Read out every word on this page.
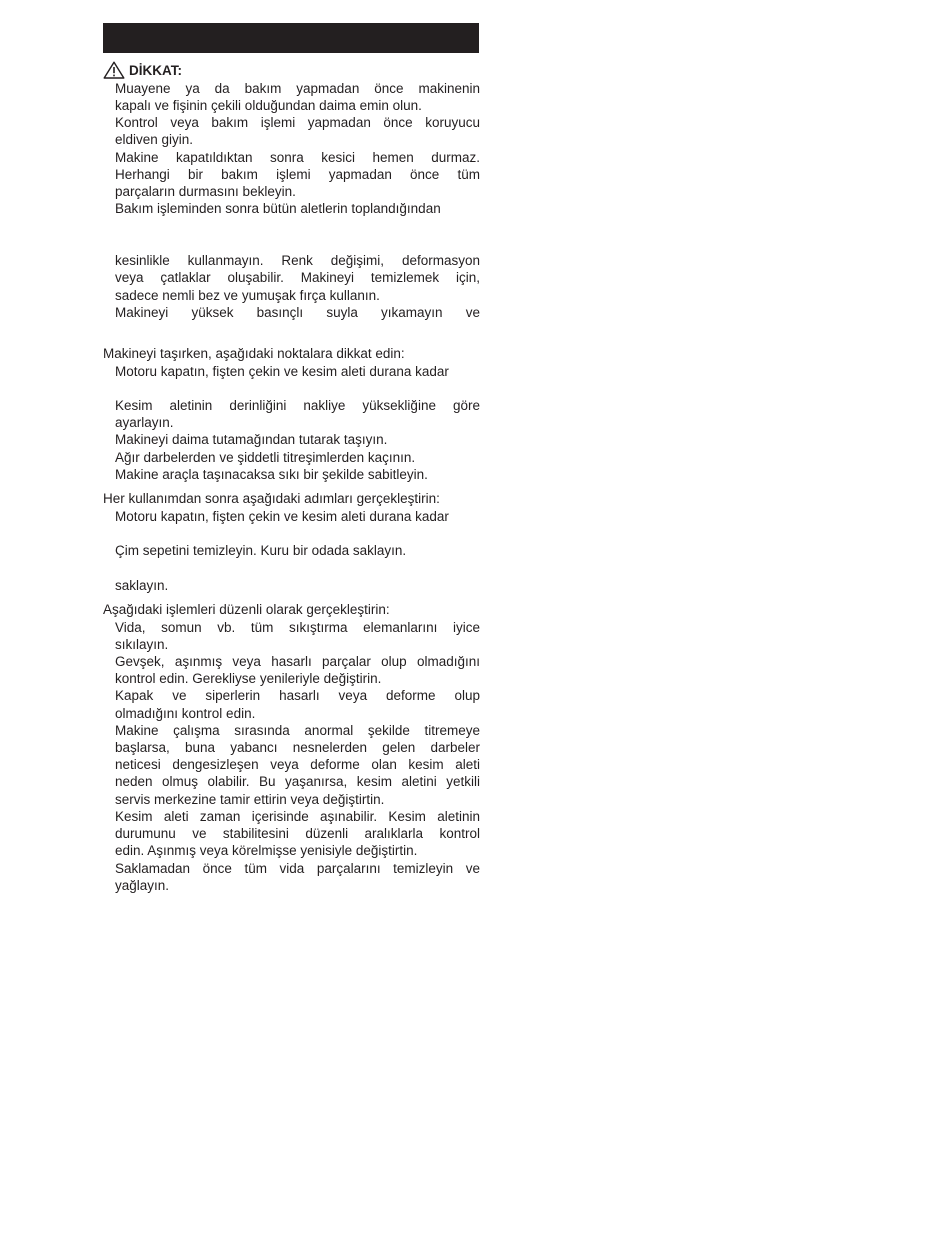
DİKKAT:
Muayene ya da bakım yapmadan önce makinenin
kapalı ve fişinin çekili olduğundan daima emin olun.
Kontrol veya bakım işlemi yapmadan önce koruyucu
eldiven giyin.
Makine kapatıldıktan sonra kesici hemen durmaz.
Herhangi bir bakım işlemi yapmadan önce tüm
parçaların durmasını bekleyin.
Bakım işleminden sonra bütün aletlerin toplandığından
kesinlikle kullanmayın. Renk değişimi, deformasyon
veya çatlaklar oluşabilir. Makineyi temizlemek için,
sadece nemli bez ve yumuşak fırça kullanın.
Makineyi yüksek basınçlı suyla yıkamayın ve
Makineyi taşırken, aşağıdaki noktalara dikkat edin:
Motoru kapatın, fişten çekin ve kesim aleti durana kadar
Kesim aletinin derinliğini nakliye yüksekliğine göre
ayarlayın.
Makineyi daima tutamağından tutarak taşıyın.
Ağır darbelerden ve şiddetli titreşimlerden kaçının.
Makine araçla taşınacaksa sıkı bir şekilde sabitleyin.
Her kullanımdan sonra aşağıdaki adımları gerçekleştirin:
Motoru kapatın, fişten çekin ve kesim aleti durana kadar
Çim sepetini temizleyin. Kuru bir odada saklayın.
saklayın.
Aşağıdaki işlemleri düzenli olarak gerçekleştirin:
Vida, somun vb. tüm sıkıştırma elemanlarını iyice
sıkılayın.
Gevşek, aşınmış veya hasarlı parçalar olup olmadığını
kontrol edin. Gerekliyse yenileriyle değiştirin.
Kapak ve siperlerin hasarlı veya deforme olup
olmadığını kontrol edin.
Makine çalışma sırasında anormal şekilde titremeye
başlarsa, buna yabancı nesnelerden gelen darbeler
neticesi dengesizleşen veya deforme olan kesim aleti
neden olmuş olabilir. Bu yaşanırsa, kesim aletini yetkili
servis merkezine tamir ettirin veya değiştirtin.
Kesim aleti zaman içerisinde aşınabilir. Kesim aletinin
durumunu ve stabilitesini düzenli aralıklarla kontrol
edin. Aşınmış veya körelmişse yenisiyle değiştirtin.
Saklamadan önce tüm vida parçalarını temizleyin ve
yağlayın.
